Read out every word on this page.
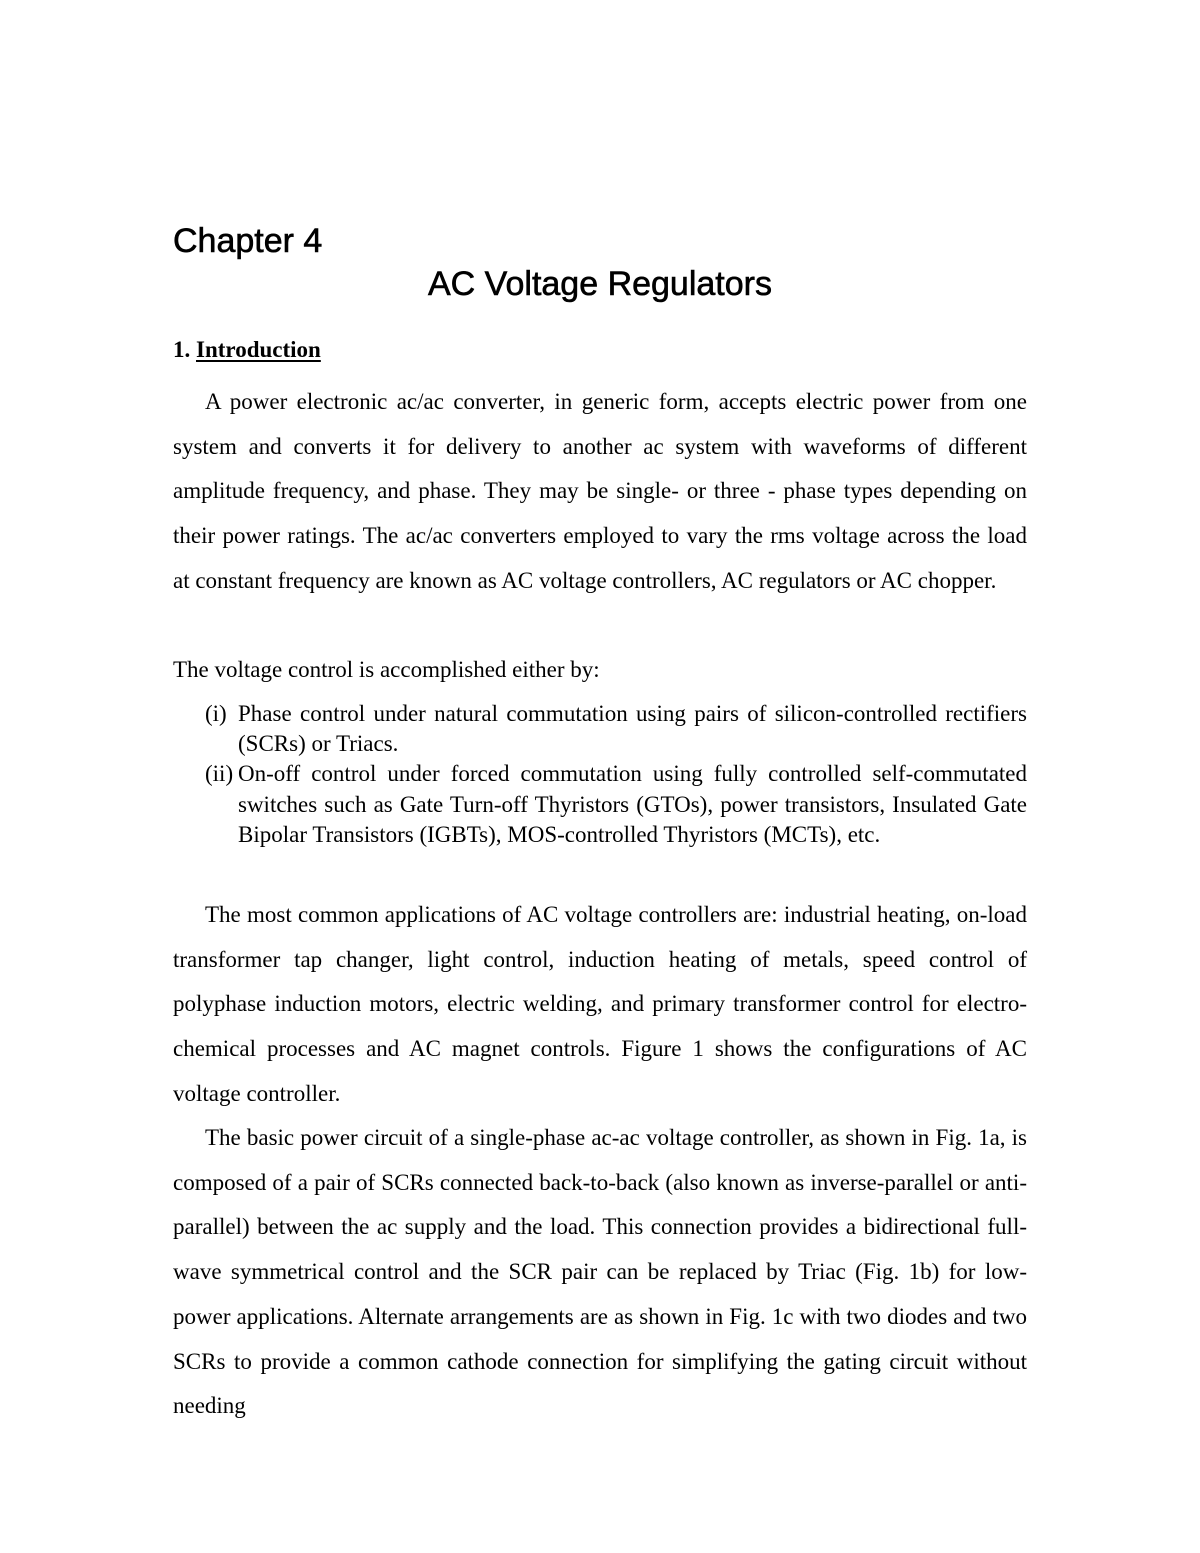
Chapter 4
AC Voltage Regulators
1. Introduction

A power electronic ac/ac converter, in generic form, accepts electric power from one system and converts it for delivery to another ac system with waveforms of different amplitude frequency, and phase. They may be single- or three - phase types depending on their power ratings. The ac/ac converters employed to vary the rms voltage across the load at constant frequency are known as AC voltage controllers, AC regulators or AC chopper.

The voltage control is accomplished either by:

(i) Phase control under natural commutation using pairs of silicon-controlled rectifiers (SCRs) or Triacs.
(ii) On-off control under forced commutation using fully controlled self-commutated switches such as Gate Turn-off Thyristors (GTOs), power transistors, Insulated Gate Bipolar Transistors (IGBTs), MOS-controlled Thyristors (MCTs), etc.

The most common applications of AC voltage controllers are: industrial heating, on-load transformer tap changer, light control, induction heating of metals, speed control of polyphase induction motors, electric welding, and primary transformer control for electro-chemical processes and AC magnet controls. Figure 1 shows the configurations of AC voltage controller.

The basic power circuit of a single-phase ac-ac voltage controller, as shown in Fig. 1a, is composed of a pair of SCRs connected back-to-back (also known as inverse-parallel or anti-parallel) between the ac supply and the load. This connection provides a bidirectional full-wave symmetrical control and the SCR pair can be replaced by Triac (Fig. 1b) for low-power applications. Alternate arrangements are as shown in Fig. 1c with two diodes and two SCRs to provide a common cathode connection for simplifying the gating circuit without needing
